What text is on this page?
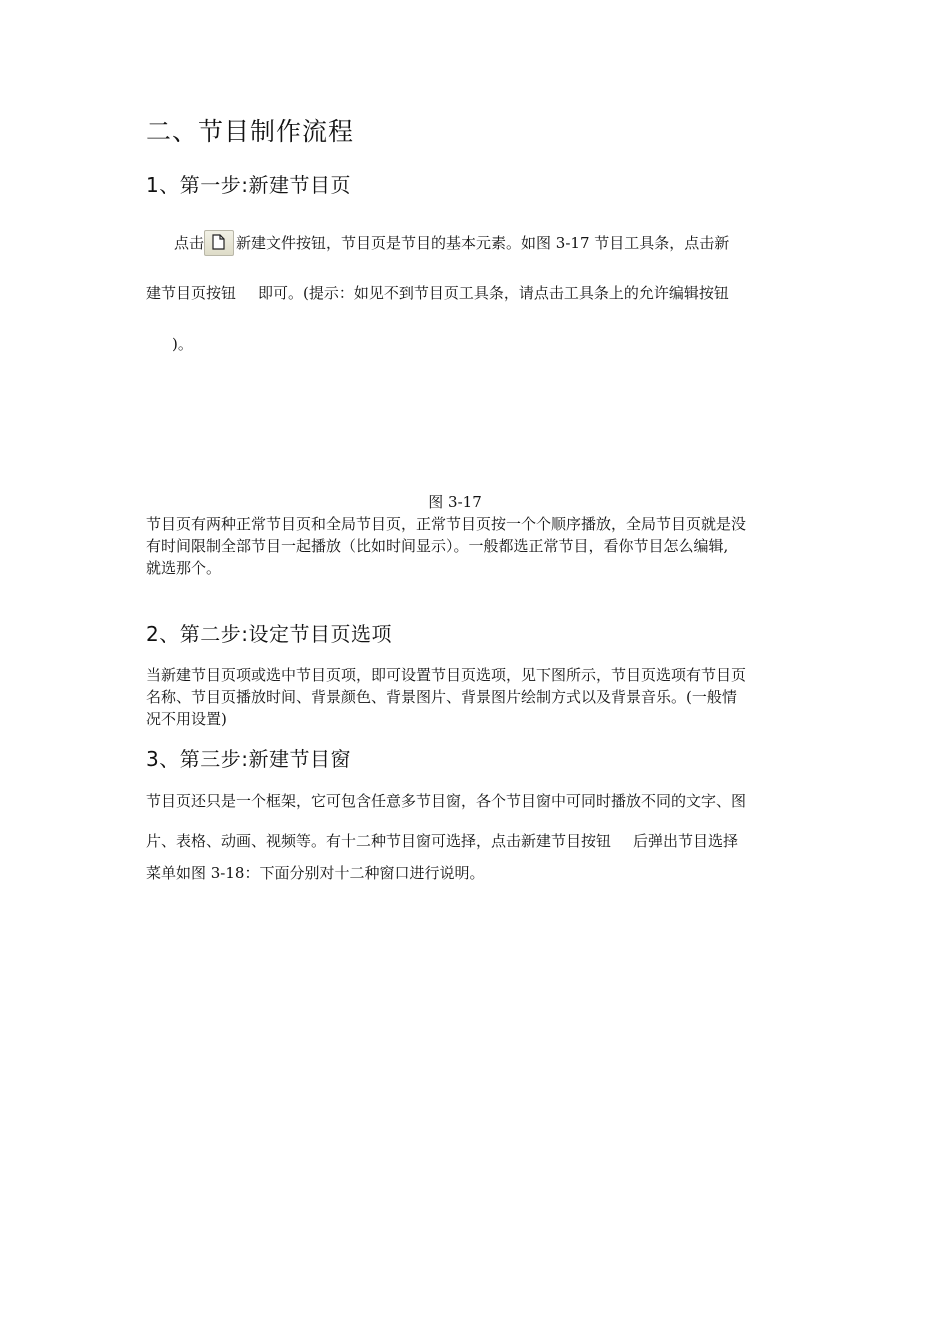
二、节目制作流程
1、第一步:新建节目页
点击 新建文件按钮，节目页是节目的基本元素。如图 3-17 节目工具条，点击新
建节目页按钮 即可。(提示：如见不到节目页工具条，请点击工具条上的允许编辑按钮
)。
图 3-17
节目页有两种正常节目页和全局节目页，正常节目页按一个个顺序播放，全局节目页就是没
有时间限制全部节目一起播放（比如时间显示）。一般都选正常节目，看你节目怎么编辑,
就选那个。
2、第二步:设定节目页选项
当新建节目页项或选中节目页项，即可设置节目页选项，见下图所示，节目页选项有节目页
名称、节目页播放时间、背景颜色、背景图片、背景图片绘制方式以及背景音乐。(一般情
况不用设置)
3、第三步:新建节目窗
节目页还只是一个框架，它可包含任意多节目窗，各个节目窗中可同时播放不同的文字、图
片、表格、动画、视频等。有十二种节目窗可选择，点击新建节目按钮 后弹出节目选择
菜单如图 3-18：下面分别对十二种窗口进行说明。
